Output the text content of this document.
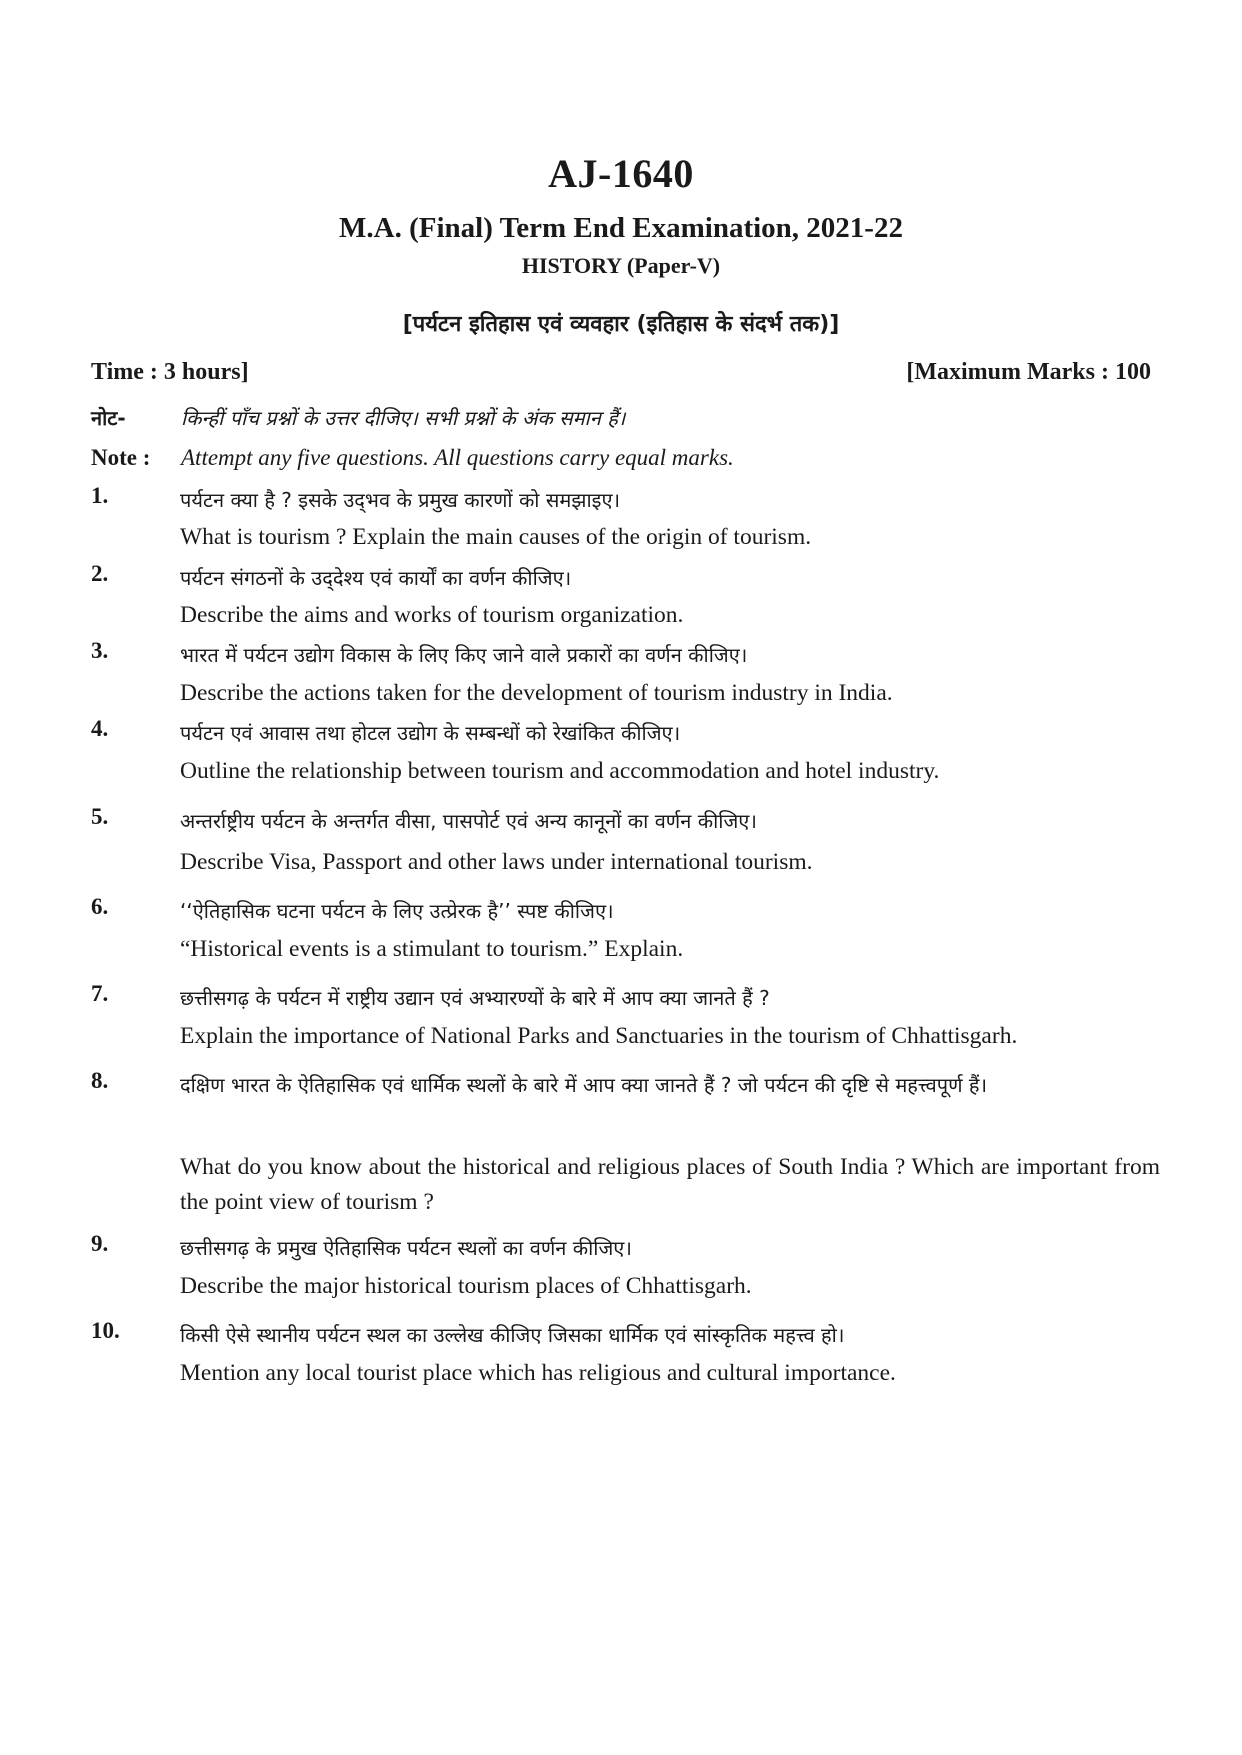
AJ-1640
M.A. (Final) Term End Examination, 2021-22
HISTORY (Paper-V)
[पर्यटन इतिहास एवं व्यवहार (इतिहास के संदर्भ तक)]
Time : 3 hours]	[Maximum Marks : 100
नोट-	किन्हीं पाँच प्रश्नों के उत्तर दीजिए। सभी प्रश्नों के अंक समान हैं।
Note :	Attempt any five questions. All questions carry equal marks.
1.	पर्यटन क्या है ? इसके उद्‌भव के प्रमुख कारणों को समझाइए।
What is tourism ? Explain the main causes of the origin of tourism.
2.	पर्यटन संगठनों के उद्‌देश्य एवं कार्यों का वर्णन कीजिए।
Describe the aims and works of tourism organization.
3.	भारत में पर्यटन उद्योग विकास के लिए किए जाने वाले प्रकारों का वर्णन कीजिए।
Describe the actions taken for the development of tourism industry in India.
4.	पर्यटन एवं आवास तथा होटल उद्योग के सम्बन्धों को रेखांकित कीजिए।
Outline the relationship between tourism and accommodation and hotel industry.
5.	अन्तर्राष्ट्रीय पर्यटन के अन्तर्गत वीसा, पासपोर्ट एवं अन्य कानूनों का वर्णन कीजिए।
Describe Visa, Passport and other laws under international tourism.
6.	‘‘ऐतिहासिक घटना पर्यटन के लिए उत्प्रेरक है’’ स्पष्ट कीजिए।
“Historical events is a stimulant to tourism.” Explain.
7.	छत्तीसगढ़ के पर्यटन में राष्ट्रीय उद्यान एवं अभ्यारण्यों के बारे में आप क्या जानते हैं ?
Explain the importance of National Parks and Sanctuaries in the tourism of Chhattisgarh.
8.	दक्षिण भारत के ऐतिहासिक एवं धार्मिक स्थलों के बारे में आप क्या जानते हैं ? जो पर्यटन की दृष्टि से महत्त्वपूर्ण हैं।
What do you know about the historical and religious places of South India ? Which are important from the point view of tourism ?
9.	छत्तीसगढ़ के प्रमुख ऐतिहासिक पर्यटन स्थलों का वर्णन कीजिए।
Describe the major historical tourism places of Chhattisgarh.
10.	किसी ऐसे स्थानीय पर्यटन स्थल का उल्लेख कीजिए जिसका धार्मिक एवं सांस्कृतिक महत्त्व हो।
Mention any local tourist place which has religious and cultural importance.
